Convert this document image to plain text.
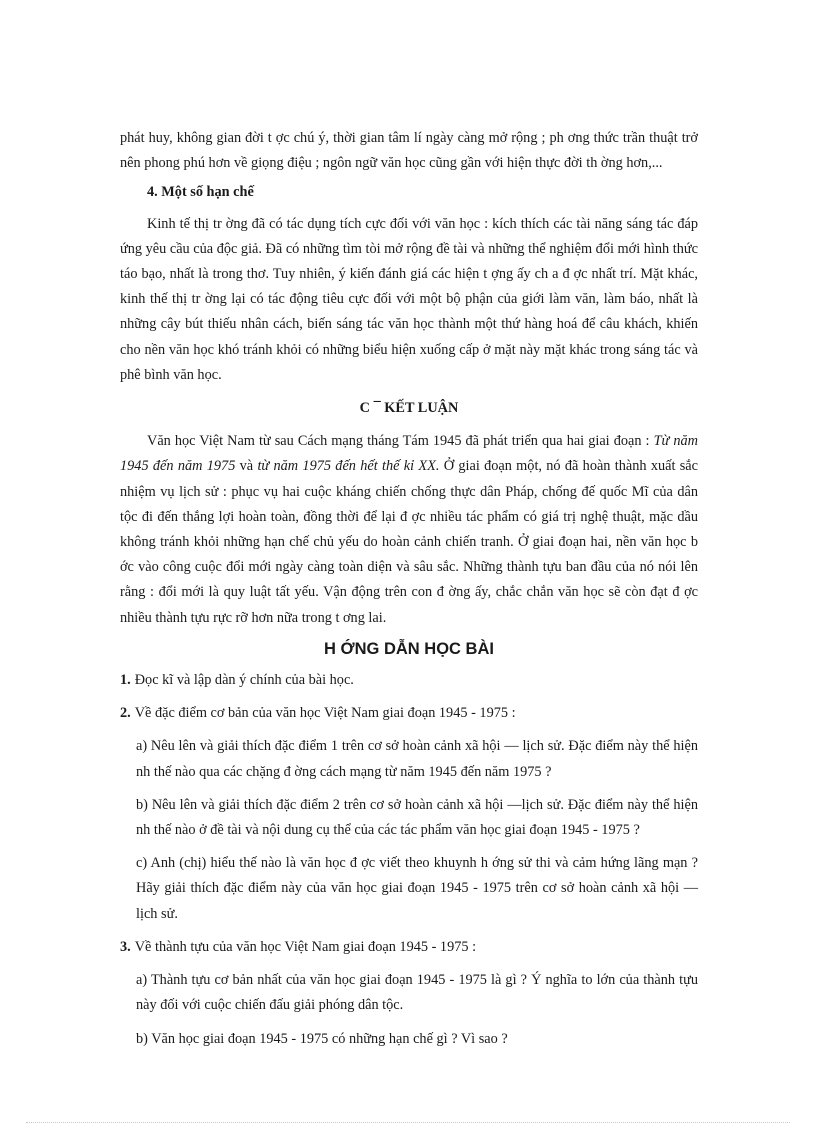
phát huy, không gian đời t ợc chú ý, thời gian tâm lí ngày càng mở rộng ; ph ơng thức trần thuật trở nên phong phú hơn về giọng điệu ; ngôn ngữ văn học cũng gần với hiện thực đời th ờng hơn,...

4. Một số hạn chế

Kinh tế thị tr ờng đã có tác dụng tích cực đối với văn học : kích thích các tài năng sáng tác đáp ứng yêu cầu của độc giả. Đã có những tìm tòi mở rộng đề tài và những thể nghiệm đổi mới hình thức táo bạo, nhất là trong thơ. Tuy nhiên, ý kiến đánh giá các hiện t ợng ấy ch a đ ợc nhất trí. Mặt khác, kinh thế thị tr ờng lại có tác động tiêu cực đối với một bộ phận của giới làm văn, làm báo, nhất là những cây bút thiếu nhân cách, biến sáng tác văn học thành một thứ hàng hoá để câu khách, khiến cho nền văn học khó tránh khỏi có những biểu hiện xuống cấp ở mặt này mặt khác trong sáng tác và phê bình văn học.

C ¯ KẾT LUẬN

Văn học Việt Nam từ sau Cách mạng tháng Tám 1945 đã phát triển qua hai giai đoạn : Từ năm 1945 đến năm 1975 và từ năm 1975 đến hết thế kỉ XX. Ở giai đoạn một, nó đã hoàn thành xuất sắc nhiệm vụ lịch sử : phục vụ hai cuộc kháng chiến chống thực dân Pháp, chống đế quốc Mĩ của dân tộc đi đến thắng lợi hoàn toàn, đồng thời để lại đ ợc nhiều tác phẩm có giá trị nghệ thuật, mặc dầu không tránh khỏi những hạn chế chủ yếu do hoàn cảnh chiến tranh. Ở giai đoạn hai, nền văn học b ớc vào công cuộc đổi mới ngày càng toàn diện và sâu sắc. Những thành tựu ban đầu của nó nói lên rằng : đổi mới là quy luật tất yếu. Vận động trên con đ ờng ấy, chắc chắn văn học sẽ còn đạt đ ợc nhiều thành tựu rực rỡ hơn nữa trong t ơng lai.

H ỚNG DẪN HỌC BÀI

1. Đọc kĩ và lập dàn ý chính của bài học.

2. Về đặc điểm cơ bản của văn học Việt Nam giai đoạn 1945 - 1975 :

a) Nêu lên và giải thích đặc điểm 1 trên cơ sở hoàn cảnh xã hội — lịch sử. Đặc điểm này thể hiện nh thế nào qua các chặng đ ờng cách mạng từ năm 1945 đến năm 1975 ?

b) Nêu lên và giải thích đặc điểm 2 trên cơ sở hoàn cảnh xã hội —lịch sử. Đặc điểm này thể hiện nh thế nào ở đề tài và nội dung cụ thể của các tác phẩm văn học giai đoạn 1945 - 1975 ?

c) Anh (chị) hiểu thế nào là văn học đ ợc viết theo khuynh h ớng sử thi và cảm hứng lãng mạn ? Hãy giải thích đặc điểm này của văn học giai đoạn 1945 - 1975 trên cơ sở hoàn cảnh xã hội — lịch sử.

3. Về thành tựu của văn học Việt Nam giai đoạn 1945 - 1975 :

a) Thành tựu cơ bản nhất của văn học giai đoạn 1945 - 1975 là gì ? Ý nghĩa to lớn của thành tựu này đối với cuộc chiến đấu giải phóng dân tộc.

b) Văn học giai đoạn 1945 - 1975 có những hạn chế gì ? Vì sao ?
